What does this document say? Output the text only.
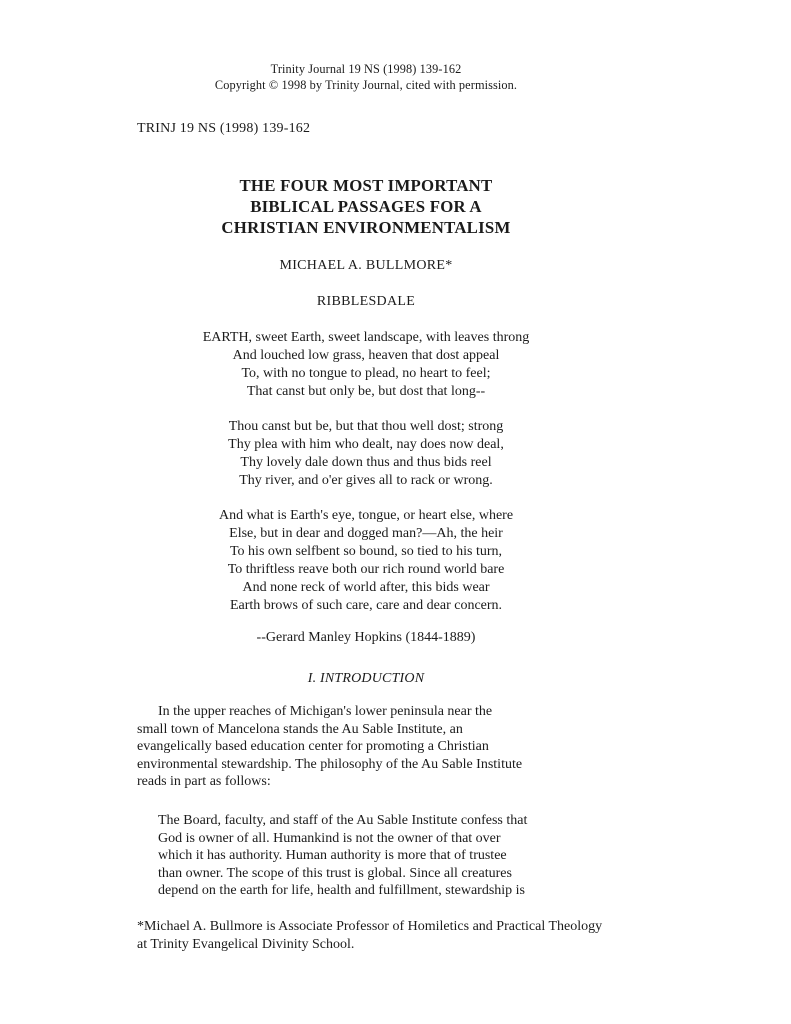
Trinity Journal 19 NS (1998) 139-162
Copyright © 1998 by Trinity Journal, cited with permission.
TRINJ 19 NS (1998) 139-162
THE FOUR MOST IMPORTANT
BIBLICAL PASSAGES FOR A
CHRISTIAN ENVIRONMENTALISM
MICHAEL A. BULLMORE*
RIBBLESDALE
EARTH, sweet Earth, sweet landscape, with leaves throng
And louched low grass, heaven that dost appeal
To, with no tongue to plead, no heart to feel;
That canst but only be, but dost that long--
Thou canst but be, but that thou well dost; strong
Thy plea with him who dealt, nay does now deal,
Thy lovely dale down thus and thus bids reel
Thy river, and o'er gives all to rack or wrong.
And what is Earth's eye, tongue, or heart else, where
Else, but in dear and dogged man?—Ah, the heir
To his own selfbent so bound, so tied to his turn,
To thriftless reave both our rich round world bare
And none reck of world after, this bids wear
Earth brows of such care, care and dear concern.
--Gerard Manley Hopkins (1844-1889)
I. INTRODUCTION
In the upper reaches of Michigan's lower peninsula near the
small town of Mancelona stands the Au Sable Institute, an
evangelically based education center for promoting a Christian
environmental stewardship. The philosophy of the Au Sable Institute
reads in part as follows:
The Board, faculty, and staff of the Au Sable Institute confess that
God is owner of all. Humankind is not the owner of that over
which it has authority. Human authority is more that of trustee
than owner. The scope of this trust is global. Since all creatures
depend on the earth for life, health and fulfillment, stewardship is
*Michael A. Bullmore is Associate Professor of Homiletics and Practical Theology
at Trinity Evangelical Divinity School.
